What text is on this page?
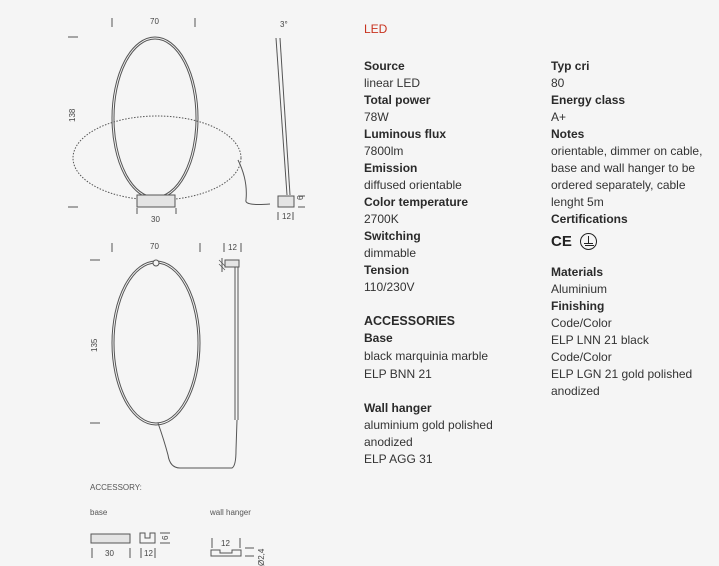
70
138
30
3°
12
6
70
135
12
ACCESSORY:
base	wall hanger
30	12
6
12
Ø2,4
LED
Source
linear LED
Total power
78W
Luminous flux
7800lm
Emission
diffused orientable
Color temperature
2700K
Switching
dimmable
Tension
110/230V
ACCESSORIES
Base
black marquinia marble
ELP BNN 21
Wall hanger
aluminium gold polished
anodized
ELP AGG 31
Typ cri
80
Energy class
A+
Notes
orientable, dimmer on cable,
base and wall hanger to be
ordered separately, cable
lenght 5m
Certifications
CE
Materials
Aluminium
Finishing
Code/Color
ELP LNN 21 black
Code/Color
ELP LGN 21 gold polished
anodized
